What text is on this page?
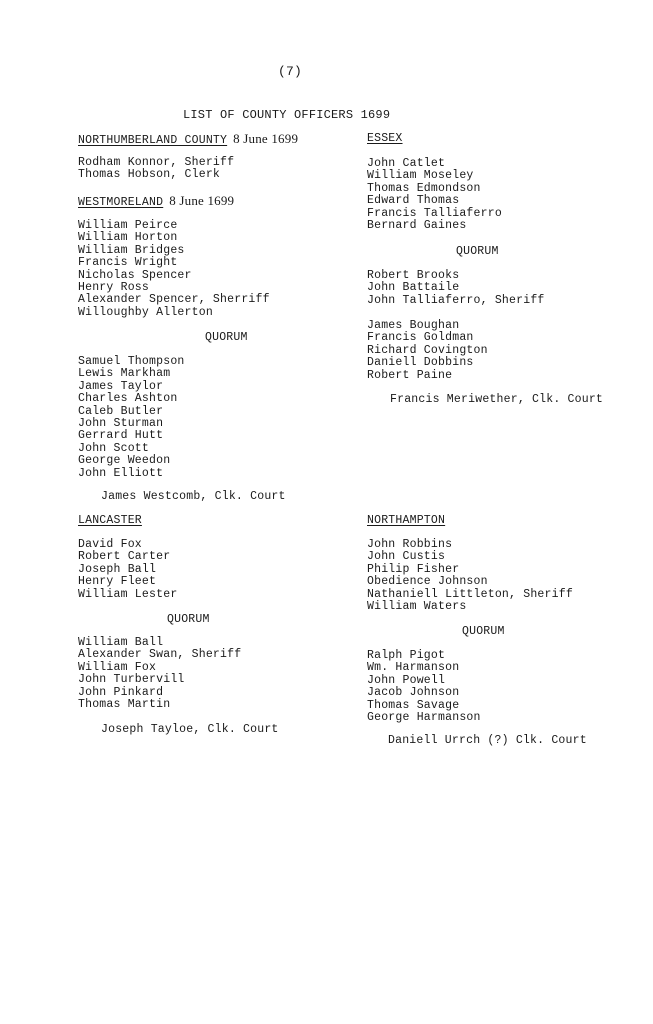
(7)
LIST OF COUNTY OFFICERS 1699
NORTHUMBERLAND COUNTY 8 June 1699
Rodham Konnor, Sheriff
Thomas Hobson, Clerk
WESTMORELAND 8 June 1699
William Peirce
William Horton
William Bridges
Francis Wright
Nicholas Spencer
Henry Ross
Alexander Spencer, Sherriff
Willoughby Allerton
QUORUM
Samuel Thompson
Lewis Markham
James Taylor
Charles Ashton
Caleb Butler
John Sturman
Gerrard Hutt
John Scott
George Weedon
John Elliott
James Westcomb, Clk. Court
LANCASTER
David Fox
Robert Carter
Joseph Ball
Henry Fleet
William Lester
QUORUM
William Ball
Alexander Swan, Sheriff
William Fox
John Turbervill
John Pinkard
Thomas Martin
Joseph Tayloe, Clk. Court
ESSEX
John Catlet
William Moseley
Thomas Edmondson
Edward Thomas
Francis Talliaferro
Bernard Gaines
QUORUM
Robert Brooks
John Battaile
John Talliaferro, Sheriff
James Boughan
Francis Goldman
Richard Covington
Daniell Dobbins
Robert Paine
Francis Meriwether, Clk. Court
NORTHAMPTON
John Robbins
John Custis
Philip Fisher
Obedience Johnson
Nathaniell Littleton, Sheriff
William Waters
QUORUM
Ralph Pigot
Wm. Harmanson
John Powell
Jacob Johnson
Thomas Savage
George Harmanson
Daniell Urrch (?) Clk. Court
